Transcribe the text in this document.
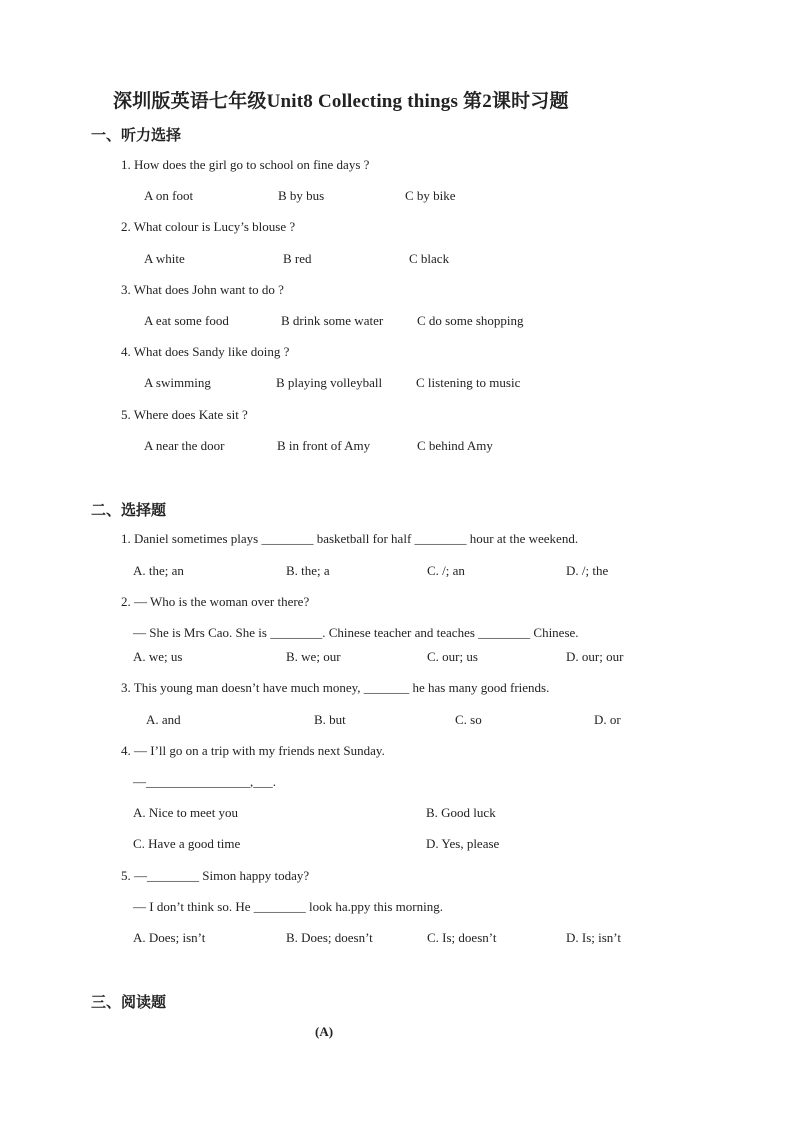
深圳版英语七年级Unit8 Collecting things 第2课时习题
一、听力选择
1. How does the girl go to school on fine days ?
A on foot	B by bus	C by bike
2. What colour is Lucy’s blouse ?
A white	B red	C black
3. What does John want to do ?
A eat some food	B drink some water	C do some shopping
4. What does Sandy like doing ?
A swimming	B playing volleyball	C listening to music
5. Where does Kate sit ?
A near the door	B in front of Amy	C behind Amy
二、选择题
1. Daniel sometimes plays ________ basketball for half ________ hour at the weekend.
A. the; an	B. the; a	C. /; an	D. /; the
2. — Who is the woman over there?
— She is Mrs Cao. She is ________. Chinese teacher and teaches ________ Chinese.
A. we; us	B. we; our	C. our; us	D. our; our
3. This young man doesn’t have much money, _______ he has many good friends.
A. and	B. but	C. so	D. or
4. — I’ll go on a trip with my friends next Sunday.
—________________,___.
A. Nice to meet you	B. Good luck
C. Have a good time	D. Yes, please
5. —________ Simon happy today?
— I don’t think so. He ________ look ha.ppy this morning.
A. Does; isn’t	B. Does; doesn’t	C. Is; doesn’t	D. Is; isn’t
三、阅读题
(A)
